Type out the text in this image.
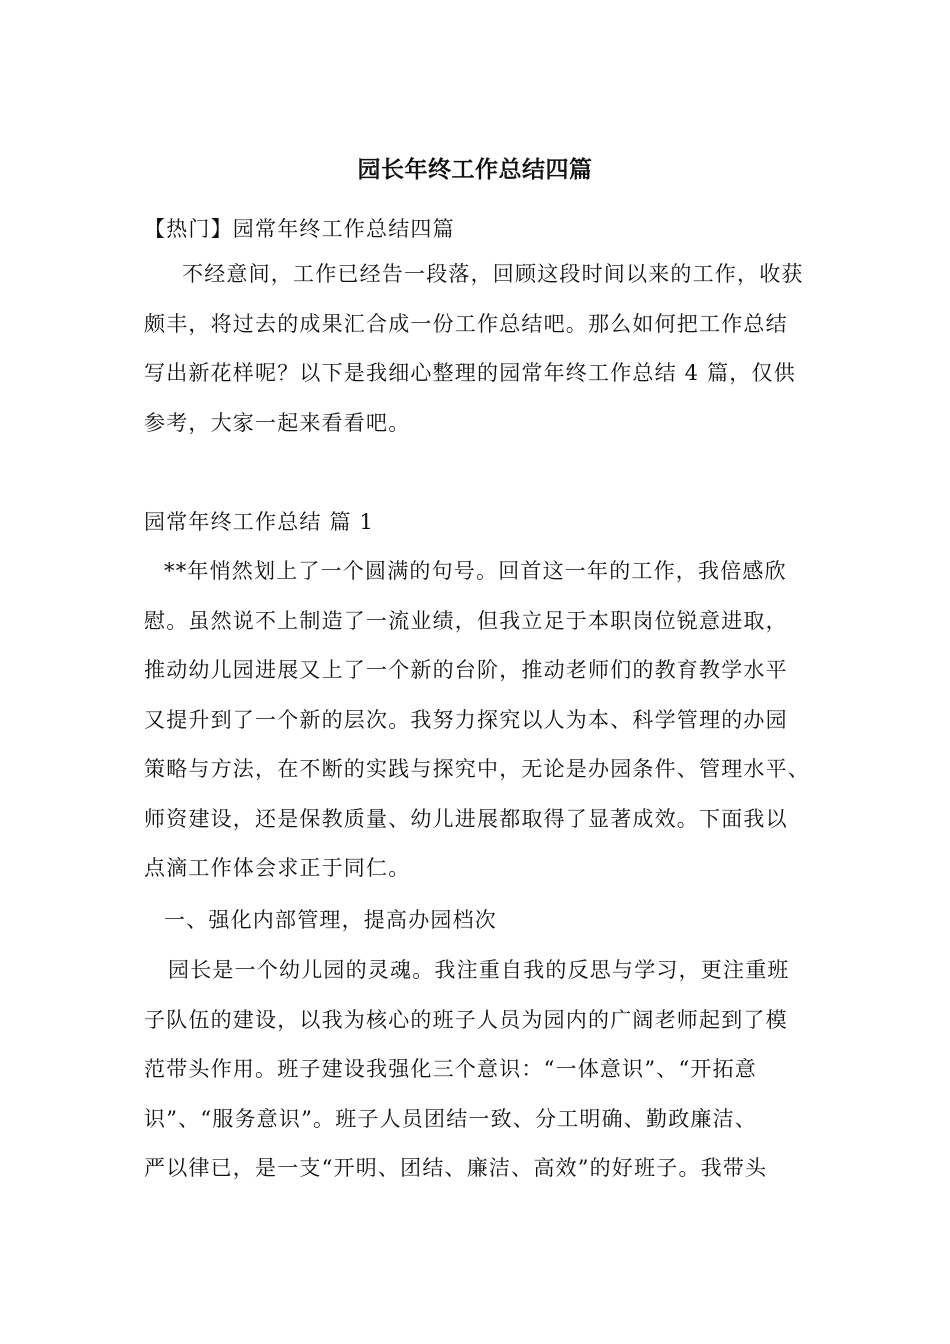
园长年终工作总结四篇
【热门】园常年终工作总结四篇
不经意间，工作已经告一段落，回顾这段时间以来的工作，收获
颇丰，将过去的成果汇合成一份工作总结吧。那么如何把工作总结
写出新花样呢？以下是我细心整理的园常年终工作总结 4 篇，仅供
参考，大家一起来看看吧。
园常年终工作总结 篇 1
**年悄然划上了一个圆满的句号。回首这一年的工作，我倍感欣
慰。虽然说不上制造了一流业绩，但我立足于本职岗位锐意进取，
推动幼儿园进展又上了一个新的台阶，推动老师们的教育教学水平
又提升到了一个新的层次。我努力探究以人为本、科学管理的办园
策略与方法，在不断的实践与探究中，无论是办园条件、管理水平、
师资建设，还是保教质量、幼儿进展都取得了显著成效。下面我以
点滴工作体会求正于同仁。
一、强化内部管理，提高办园档次
园长是一个幼儿园的灵魂。我注重自我的反思与学习，更注重班
子队伍的建设，以我为核心的班子人员为园内的广阔老师起到了模
范带头作用。班子建设我强化三个意识：“一体意识”、“开拓意
识”、“服务意识”。班子人员团结一致、分工明确、勤政廉洁、
严以律已，是一支“开明、团结、廉洁、高效”的好班子。我带头
